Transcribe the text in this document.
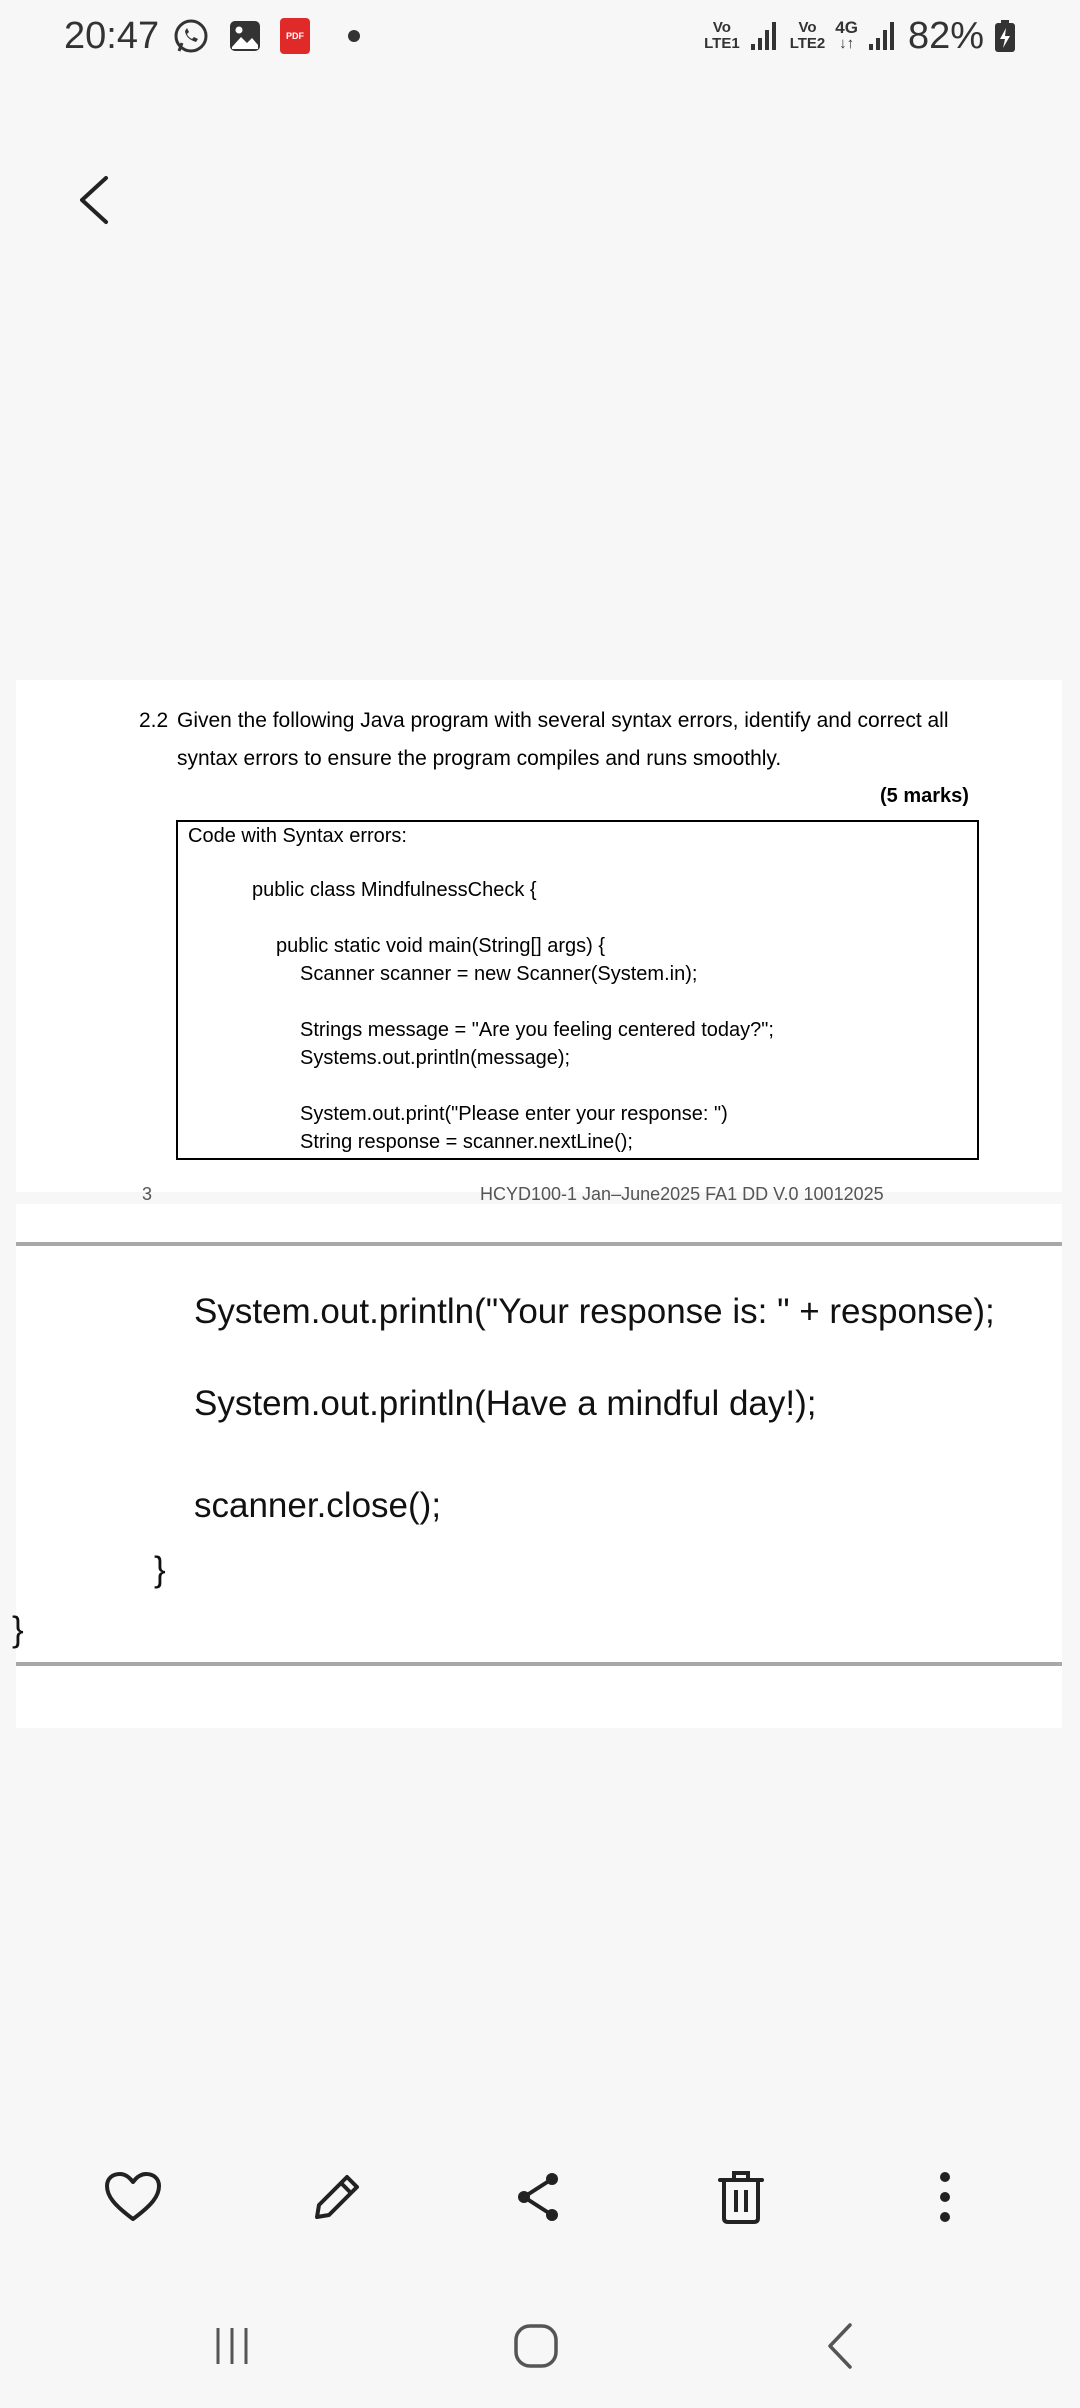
20:47	PDF	Vo
LTE1
Vo
LTE2
4G
↓↑ 82%
2.2 Given the following Java program with several syntax errors, identify and correct all
syntax errors to ensure the program compiles and runs smoothly.
(5 marks)
Code with Syntax errors:
public class MindfulnessCheck {
public static void main(String[] args) {
Scanner scanner = new Scanner(System.in);
Strings message = "Are you feeling centered today?";
Systems.out.println(message);
System.out.print("Please enter your response: ")
String response = scanner.nextLine();
3	HCYD100-1 Jan–June2025 FA1 DD V.0 10012025
System.out.println("Your response is: " + response);
System.out.println(Have a mindful day!);
scanner.close();
}
}
